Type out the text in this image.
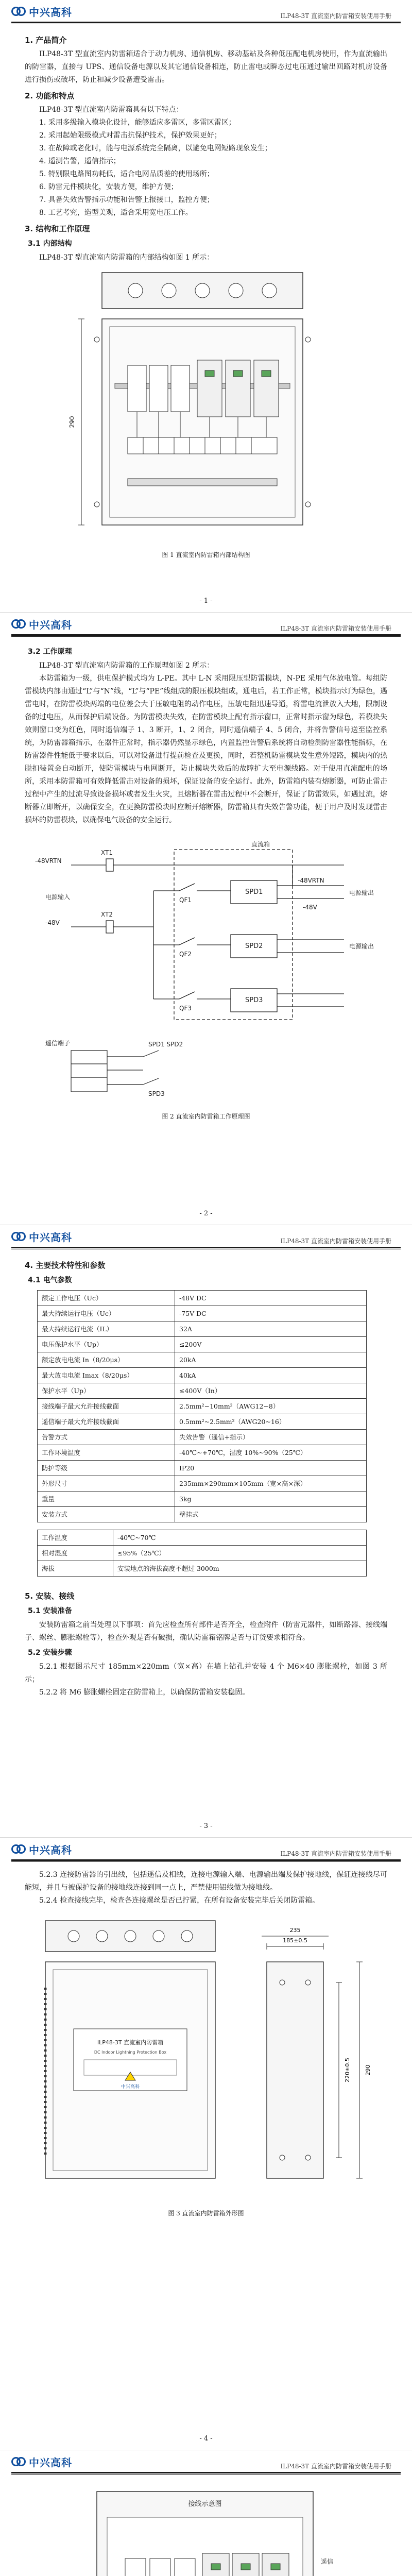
中兴高科	ILP48-3T 直流室内防雷箱安装使用手册
1. 产品简介

ILP48-3T 型直流室内防雷箱适合于动力机房、通信机房、移动基站及各种低压配电机房使用，作为直流输出的防雷器，直接与 UPS、通信设备电源以及其它通信设备相连，防止雷电或瞬态过电压通过输出回路对机房设备进行损伤或破坏，防止和减少设备遭受雷击。

2. 功能和特点

ILP48-3T 型直流室内防雷箱具有以下特点：

1. 采用多级输入模块化设计，能够适应多雷区，多雷区雷区；
2. 采用起始限级模式对雷击抗保护技术，保护效果更好；
3. 在故障或老化时，能与电源系统完全隔离，以避免电网短路现象发生；
4. 遥测告警，遥信指示；
5. 特别限电路图功耗低，适合电网品质差的使用场所；
6. 防雷元件模块化，安装方便，维护方便；
7. 具备失效告警指示功能和告警上报接口，监控方便；
8. 工艺考究，造型美观，适合采用宽电压工作。
3. 结构和工作原理
3.1 内部结构

ILP48-3T 型直流室内防雷箱的内部结构如图 1 所示：

290
图 1 直流室内防雷箱内部结构图
- 1 -
中兴高科	ILP48-3T 直流室内防雷箱安装使用手册
3.2 工作原理

ILP48-3T 型直流室内防雷箱的工作原理如图 2 所示：

本防雷箱为一级，供电保护模式均为 L-PE。其中 L-N 采用限压型防雷模块，N-PE 采用气体放电管。每组防雷模块内部由通过“L”与“N”线，“L”与“PE”线组成的限压模块组成，通电后，若工作正常，模块指示灯为绿色，遇雷电时，在防雷模块两端的电位差会大于压敏电阻的动作电压，压敏电阻迅速导通，将雷电流泄放入大地，限制设备的过电压，从而保护后端设备。为防雷模块失效，在防雷模块上配有指示窗口，正常时指示窗为绿色，若模块失效则窗口变为红色，同时遥信端子 1、3 断开，1、2 闭合，同时遥信端子 4、5 闭合，并将告警信号送至监控系统，为防雷器箱指示，在器件正常时，指示器仍然显示绿色，内置监控告警后系统将自动检测防雷器性能指标，在防雷器件性能低于要求以后，可以对设备进行提前检查及更换，同时，若整机防雷模块发生意外短路，模块内的热脱扣装置会自动断开，使防雷模块与电网断开，防止模块失效后的故障扩大至电源线路。对于使用直流配电的场所，采用本防雷箱可有效降低雷击对设备的损坏，保证设备的安全运行。此外，防雷箱内装有熔断器，可防止雷击过程中产生的过流导致设备损坏或者发生火灾，且熔断器在雷击过程中不会断开，保证了防雷效果，如遇过流，熔断器立即断开，以确保安全，在更换防雷模块时应断开熔断器，防雷箱具有失效告警功能，便于用户及时发现雷击损坏的防雷模块，以确保电气设备的安全运行。

-48VRTN
电源输入
-48V
XT1
XT2
QF1
QF2
QF3
SPD1
SPD2
SPD3
直流箱
-48VRTN
-48V
电源输出
电源输出
遥信端子	SPD1 SPD2
SPD3
图 2 直流室内防雷箱工作原理图
- 2 -
中兴高科	ILP48-3T 直流室内防雷箱安装使用手册
4. 主要技术特性和参数
4.1 电气参数
额定工作电压（Uc）	-48V DC
最大持续运行电压（Uc）	-75V DC
最大持续运行电流（IL）	32A
电压保护水平（Up）	≤200V
额定放电电流 In（8/20μs）	20kA
最大放电电流 Imax（8/20μs）	40kA
保护水平（Up）	≤400V（In）
接线端子最大允许接线截面	2.5mm²~10mm²（AWG12~8）
遥信端子最大允许接线截面	0.5mm²~2.5mm²（AWG20~16）
告警方式	失效告警（遥信+指示）
工作环境温度	-40℃~+70℃，湿度 10%~90%（25℃）
防护等级	IP20
外形尺寸	235mm×290mm×105mm（宽×高×深）
重量	3kg
安装方式	壁挂式
工作温度	-40℃~70℃
相对湿度	≤95%（25℃）
海拔	安装地点的海拔高度不超过 3000m
5. 安装、接线
5.1 安装准备

安装防雷箱之前当处理以下事项：首先应检查所有部件是否齐全，检查附件（防雷元器件，如断路器、接线端子、螺丝、膨胀螺栓等），检查外观是否有破损，确认防雷箱铭牌是否与订货要求相符合。

5.2 安装步骤

5.2.1 根据图示尺寸 185mm×220mm（宽×高）在墙上钻孔并安装 4 个 M6×40 膨胀螺栓，如图 3 所示；

5.2.2 将 M6 膨胀螺栓固定在防雷箱上，以确保防雷箱安装稳固。

- 3 -
中兴高科	ILP48-3T 直流室内防雷箱安装使用手册

5.2.3 连接防雷器的引出线，包括遥信及相线，连接电源输入端、电源输出端及保护接地线，保证连接线尽可能短，并且与被保护设备的接地线连接到同一点上，严禁使用铝线做为接地线。

5.2.4 检查接线完毕，检查各连接螺丝是否已拧紧，在所有设备安装完毕后关闭防雷箱。

ILP48-3T 直流室内防雷箱
DC Indoor Lightning Protection Box
中兴高科
185±0.5
235
220±0.5 290
图 3 直流室内防雷箱外形图
- 4 -
中兴高科	ILP48-3T 直流室内防雷箱安装使用手册
接线示意图
遥信
